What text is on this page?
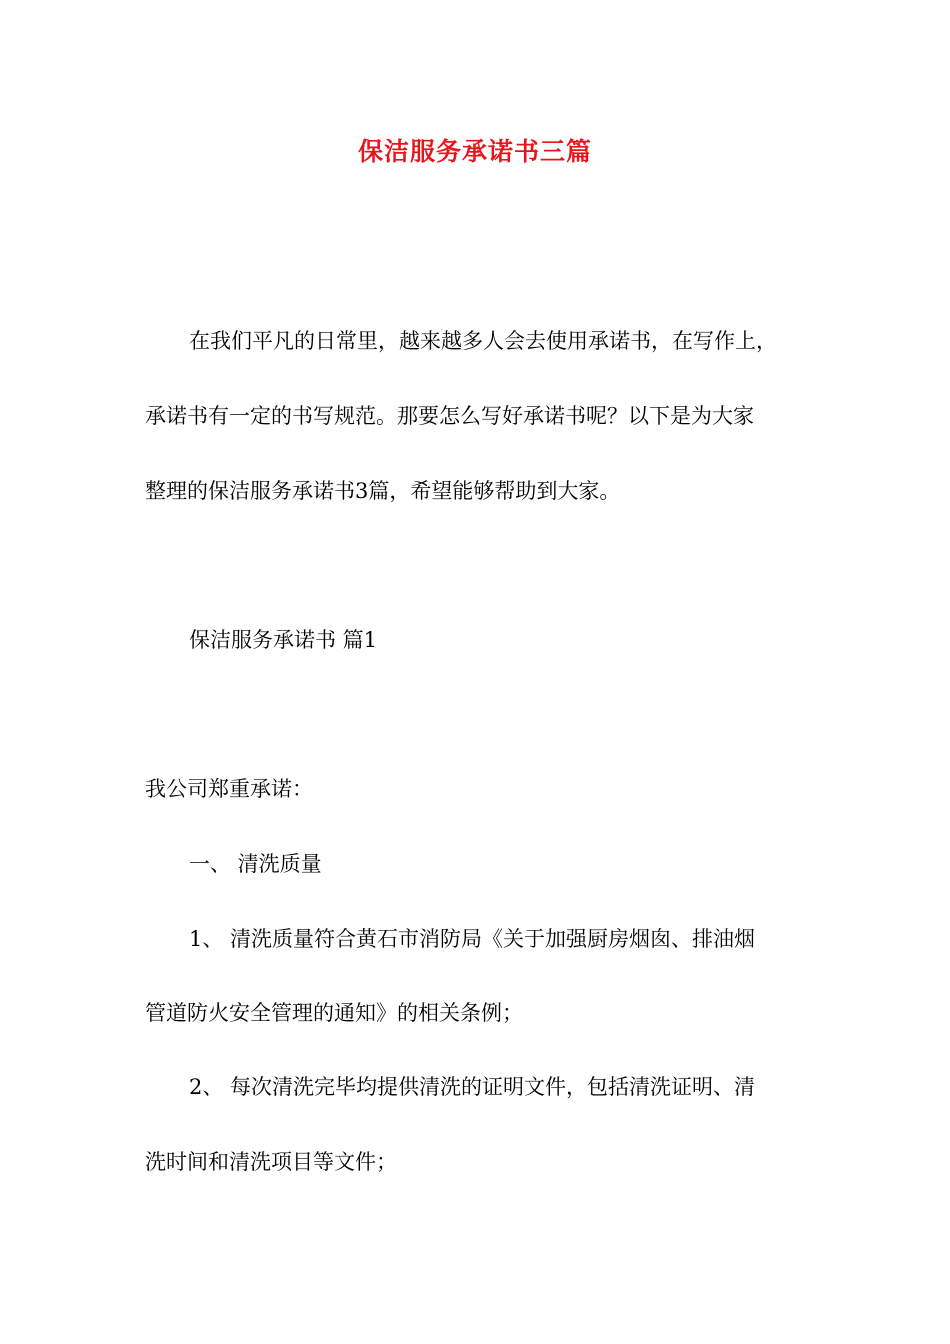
保洁服务承诺书三篇

在我们平凡的日常里，越来越多人会去使用承诺书，在写作上，

承诺书有一定的书写规范。那要怎么写好承诺书呢？以下是为大家

整理的保洁服务承诺书3篇，希望能够帮助到大家。

保洁服务承诺书 篇1

我公司郑重承诺：

一、 清洗质量

1、 清洗质量符合黄石市消防局《关于加强厨房烟囱、排油烟

管道防火安全管理的通知》的相关条例；

2、 每次清洗完毕均提供清洗的证明文件，包括清洗证明、清

洗时间和清洗项目等文件；
